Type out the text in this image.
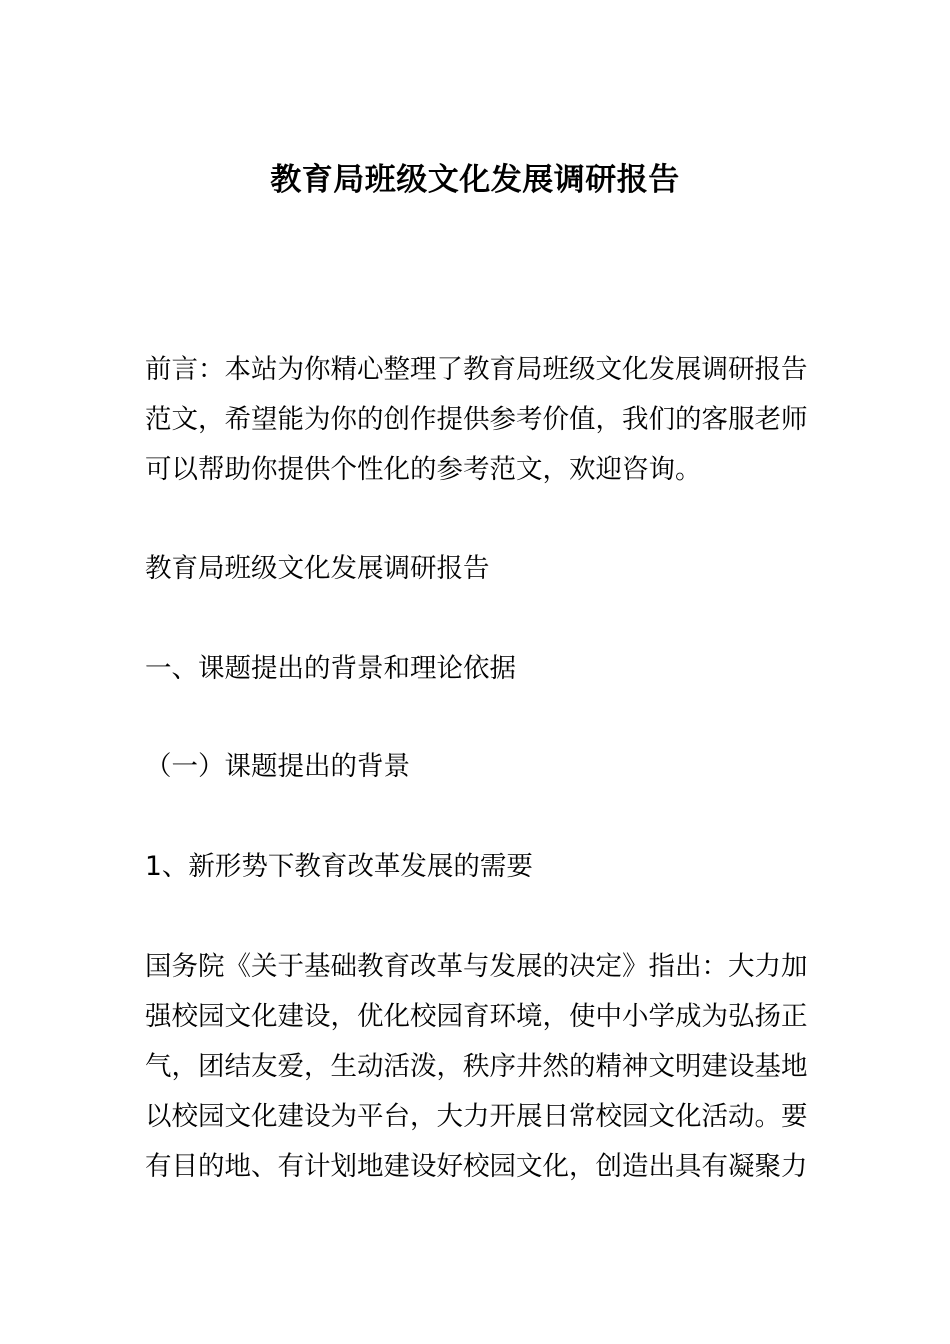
教育局班级文化发展调研报告

前言：本站为你精心整理了教育局班级文化发展调研报告
范文，希望能为你的创作提供参考价值，我们的客服老师
可以帮助你提供个性化的参考范文，欢迎咨询。

教育局班级文化发展调研报告

一、课题提出的背景和理论依据

（一）课题提出的背景

1、新形势下教育改革发展的需要

国务院《关于基础教育改革与发展的决定》指出：大力加
强校园文化建设，优化校园育环境，使中小学成为弘扬正
气，团结友爱，生动活泼，秩序井然的精神文明建设基地
以校园文化建设为平台，大力开展日常校园文化活动。要
有目的地、有计划地建设好校园文化，创造出具有凝聚力
